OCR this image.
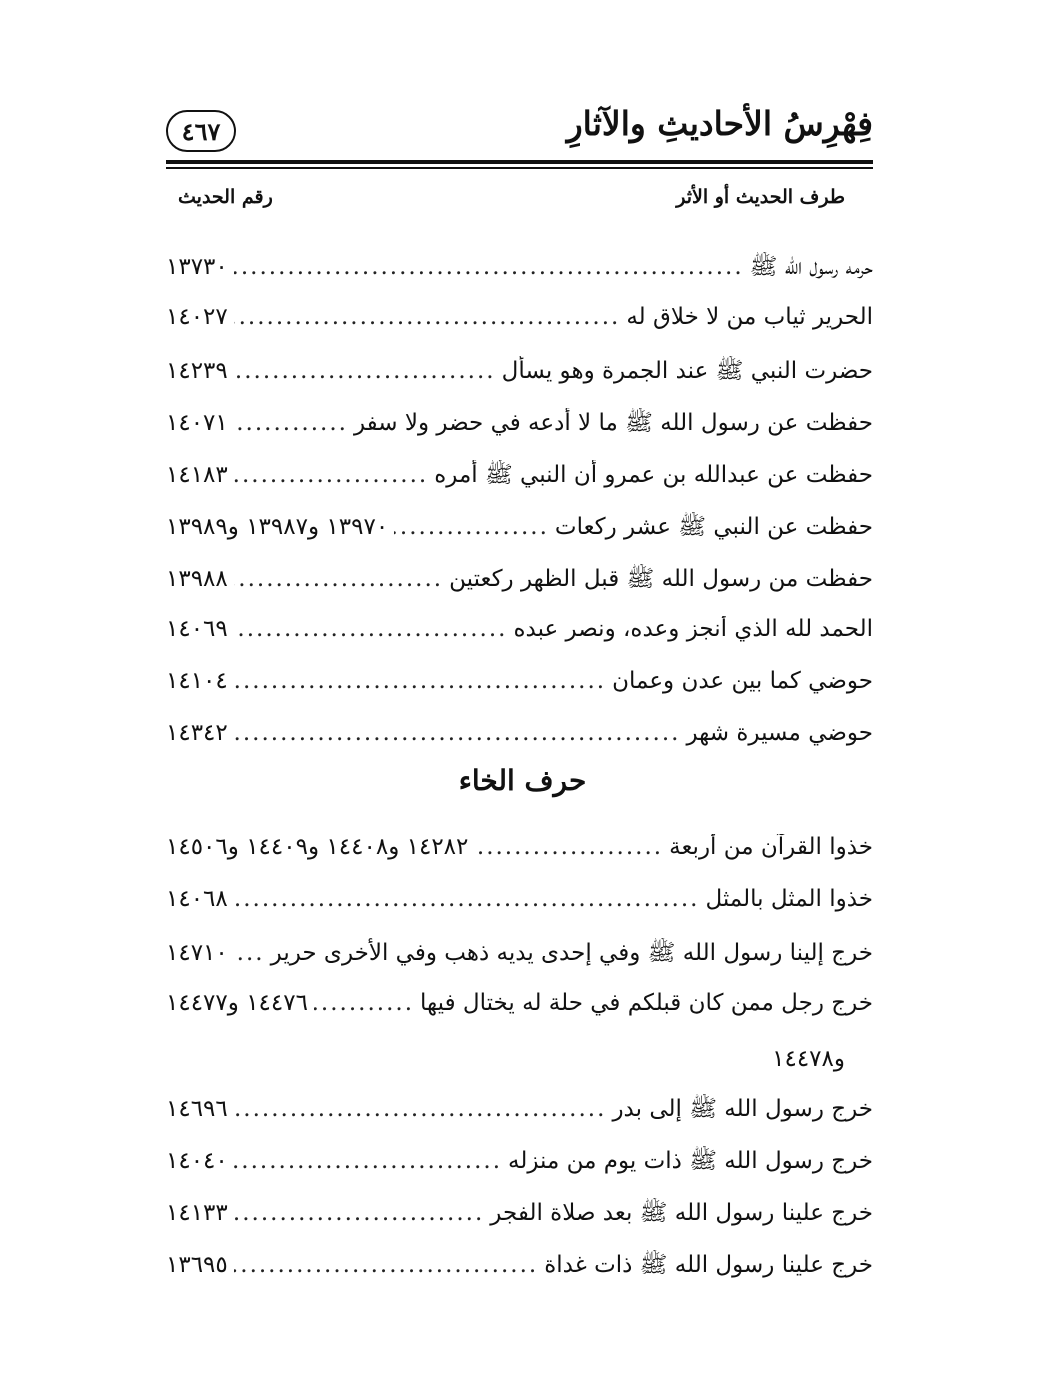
فِهْرِسُ الأحاديثِ والآثارِ
٤٦٧
طرف الحديث أو الأثر
رقم الحديث
حرمه رسول الله ﷺ
.....
١٣٧٣٠
الحرير ثياب من لا خلاق له
.....
١٤٠٢٧
حضرت النبي ﷺ عند الجمرة وهو يسأل
.....
١٤٢٣٩
حفظت عن رسول الله ﷺ ما لا أدعه في حضر ولا سفر
.....
١٤٠٧١
حفظت عن عبدالله بن عمرو أن النبي ﷺ أمره
.....
١٤١٨٣
حفظت عن النبي ﷺ عشر ركعات
.....
١٣٩٧٠ و١٣٩٨٧ و١٣٩٨٩
حفظت من رسول الله ﷺ قبل الظهر ركعتين
.....
١٣٩٨٨
الحمد لله الذي أنجز وعده، ونصر عبده
.....
١٤٠٦٩
حوضي كما بين عدن وعمان
.....
١٤١٠٤
حوضي مسيرة شهر
.....
١٤٣٤٢
حرف الخاء
خذوا القرآن من أربعة
.....
١٤٢٨٢ و١٤٤٠٨ و١٤٤٠٩ و١٤٥٠٦
خذوا المثل بالمثل
.....
١٤٠٦٨
خرج إلينا رسول الله ﷺ وفي إحدى يديه ذهب وفي الأخرى حرير
.....
١٤٧١٠
خرج رجل ممن كان قبلكم في حلة له يختال فيها
.....
١٤٤٧٦ و١٤٤٧٧
و١٤٤٧٨
خرج رسول الله ﷺ إلى بدر
.....
١٤٦٩٦
خرج رسول الله ﷺ ذات يوم من منزله
.....
١٤٠٤٠
خرج علينا رسول الله ﷺ بعد صلاة الفجر
.....
١٤١٣٣
خرج علينا رسول الله ﷺ ذات غداة
.....
١٣٦٩٥
